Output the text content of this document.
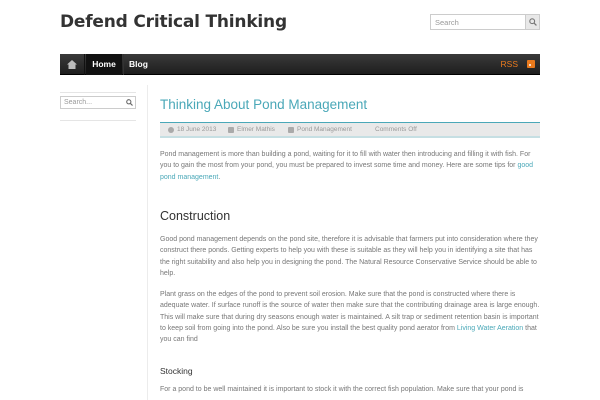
Defend Critical Thinking	Search
Home	Blog	RSS
Search...	Thinking About Pond Management
18 June 2013	Elmer Mathis	Pond Management	Comments Off
Pond management is more than building a pond, waiting for it to fill with water then introducing and filling it with fish. For you to gain the most from your pond, you must be prepared to invest some time and money. Here are some tips for good pond management.
Construction
Good pond management depends on the pond site, therefore it is advisable that farmers put into consideration where they construct there ponds. Getting experts to help you with these is suitable as they will help you in identifying a site that has the right suitability and also help you in designing the pond. The Natural Resource Conservative Service should be able to help.
Plant grass on the edges of the pond to prevent soil erosion. Make sure that the pond is constructed where there is adequate water. If surface runoff is the source of water then make sure that the contributing drainage area is large enough. This will make sure that during dry seasons enough water is maintained. A silt trap or sediment retention basin is important to keep soil from going into the pond. Also be sure you install the best quality pond aerator from Living Water Aeration that you can find
Stocking
For a pond to be well maintained it is important to stock it with the correct fish population. Make sure that your pond is
